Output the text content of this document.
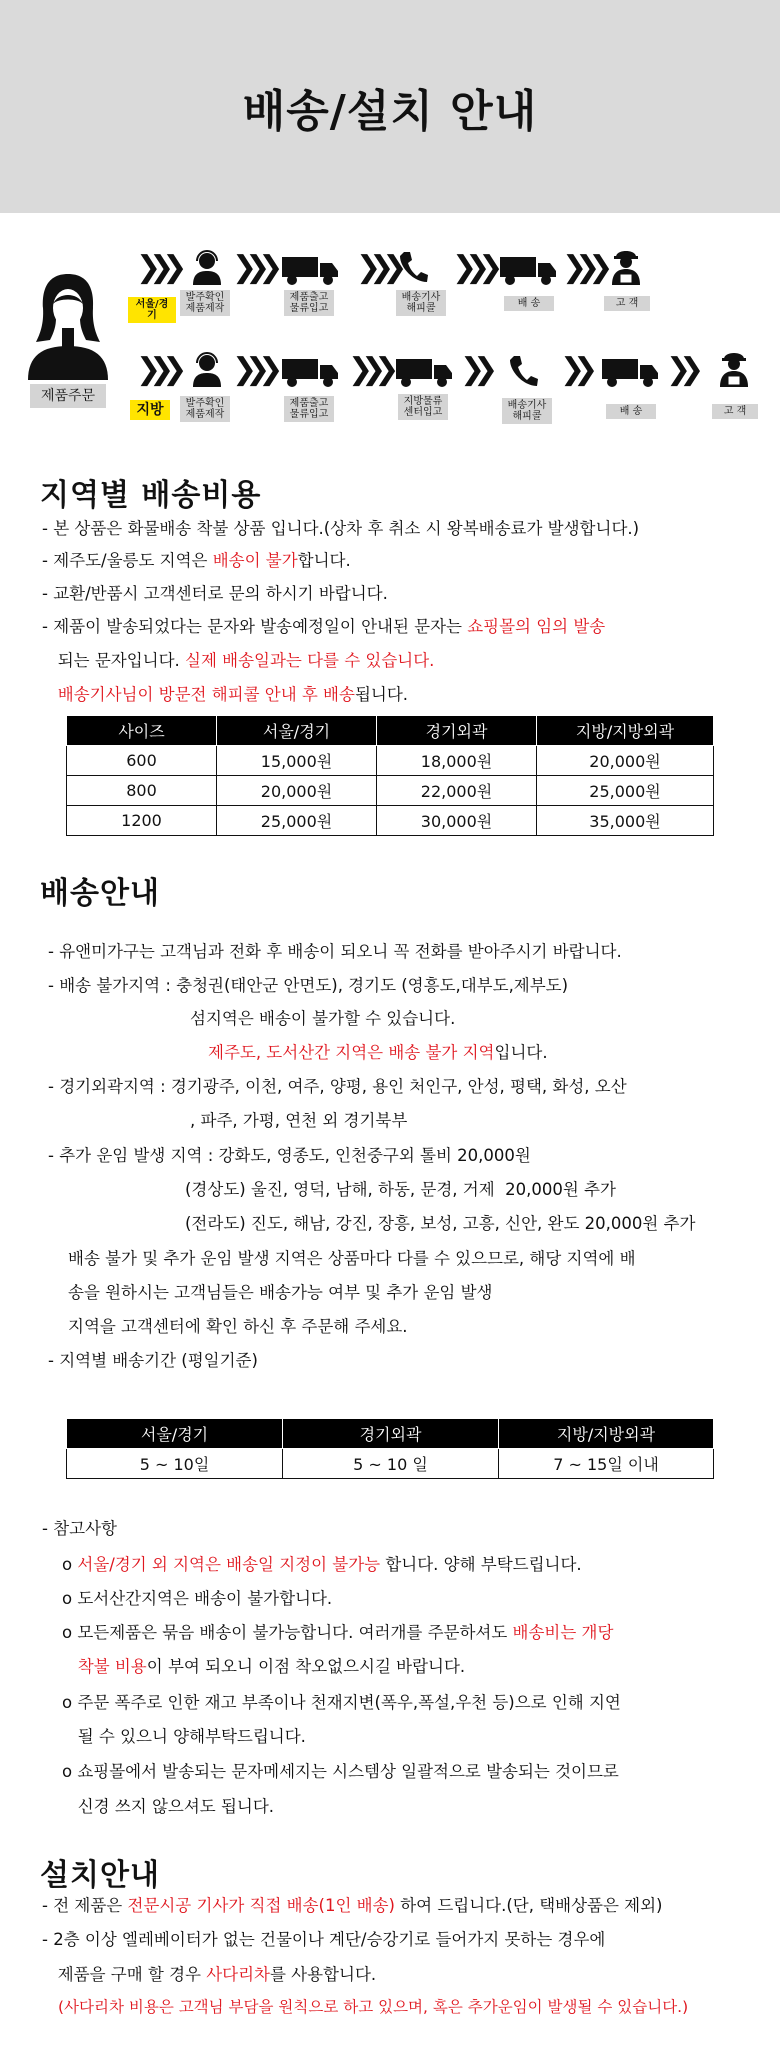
배송/설치 안내
제품주문
❯❯❯
서울/경기
발주확인
제품제작
❯❯❯
제품출고
물류입고
❯❯❯
배송기사
해피콜
❯❯❯
배 송
❯❯❯
고 객
❯❯❯
지방	발주확인
제품제작
❯❯❯
제품출고
물류입고
❯❯❯
지방물류
센터입고
❯❯
배송기사
해피콜
❯❯
배 송
❯❯
고 객
지역별 배송비용
- 본 상품은 화물배송 착불 상품 입니다.(상차 후 취소 시 왕복배송료가 발생합니다.)
- 제주도/울릉도 지역은 배송이 불가합니다.
- 교환/반품시 고객센터로 문의 하시기 바랍니다.
- 제품이 발송되었다는 문자와 발송예정일이 안내된 문자는 쇼핑몰의 임의 발송
되는 문자입니다. 실제 배송일과는 다를 수 있습니다.
배송기사님이 방문전 해피콜 안내 후 배송됩니다.
사이즈	서울/경기	경기외곽	지방/지방외곽
600	15,000원	18,000원	20,000원
800	20,000원	22,000원	25,000원
1200	25,000원	30,000원	35,000원
배송안내
- 유앤미가구는 고객님과 전화 후 배송이 되오니 꼭 전화를 받아주시기 바랍니다.
- 배송 불가지역 : 충청권(태안군 안면도), 경기도 (영흥도,대부도,제부도)
섬지역은 배송이 불가할 수 있습니다.
제주도, 도서산간 지역은 배송 불가 지역입니다.
- 경기외곽지역 : 경기광주, 이천, 여주, 양평, 용인 처인구, 안성, 평택, 화성, 오산
, 파주, 가평, 연천 외 경기북부
- 추가 운임 발생 지역 : 강화도, 영종도, 인천중구외 톨비 20,000원
(경상도) 울진, 영덕, 남해, 하동, 문경, 거제  20,000원 추가
(전라도) 진도, 해남, 강진, 장흥, 보성, 고흥, 신안, 완도 20,000원 추가
배송 불가 및 추가 운임 발생 지역은 상품마다 다를 수 있으므로, 해당 지역에 배
송을 원하시는 고객님들은 배송가능 여부 및 추가 운임 발생
지역을 고객센터에 확인 하신 후 주문해 주세요.
- 지역별 배송기간 (평일기준)
서울/경기	경기외곽	지방/지방외곽
5 ~ 10일	5 ~ 10 일	7 ~ 15일 이내
- 참고사항
o 서울/경기 외 지역은 배송일 지정이 불가능 합니다. 양해 부탁드립니다.
o 도서산간지역은 배송이 불가합니다.
o 모든제품은 묶음 배송이 불가능합니다. 여러개를 주문하셔도 배송비는 개당
착불 비용이 부여 되오니 이점 착오없으시길 바랍니다.
o 주문 폭주로 인한 재고 부족이나 천재지변(폭우,폭설,우천 등)으로 인해 지연
될 수 있으니 양해부탁드립니다.
o 쇼핑몰에서 발송되는 문자메세지는 시스템상 일괄적으로 발송되는 것이므로
신경 쓰지 않으셔도 됩니다.
설치안내
- 전 제품은 전문시공 기사가 직접 배송(1인 배송) 하여 드립니다.(단, 택배상품은 제외)
- 2층 이상 엘레베이터가 없는 건물이나 계단/승강기로 들어가지 못하는 경우에
제품을 구매 할 경우 사다리차를 사용합니다.
(사다리차 비용은 고객님 부담을 원칙으로 하고 있으며, 혹은 추가운임이 발생될 수 있습니다.)
